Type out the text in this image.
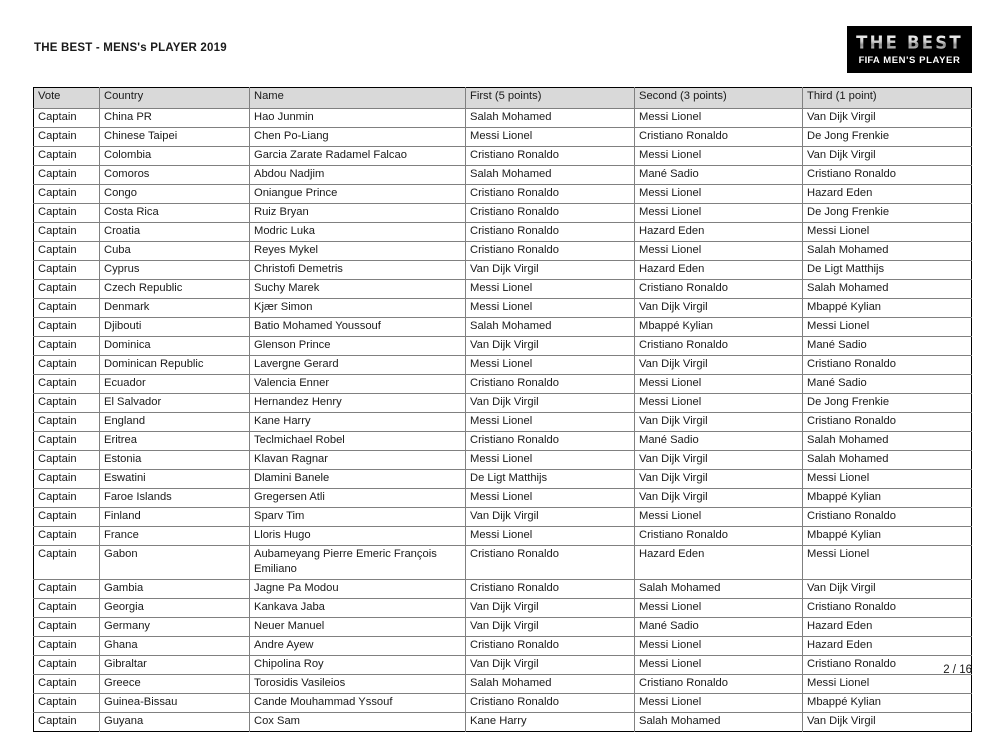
THE BEST - MENS's PLAYER 2019	THE BEST
FIFA MEN'S PLAYER
Vote	Country	Name	First (5 points)	Second (3 points)	Third (1 point)
Captain	China PR	Hao Junmin	Salah Mohamed	Messi Lionel	Van Dijk Virgil
Captain	Chinese Taipei	Chen Po-Liang	Messi Lionel	Cristiano Ronaldo	De Jong Frenkie
Captain	Colombia	Garcia Zarate Radamel Falcao	Cristiano Ronaldo	Messi Lionel	Van Dijk Virgil
Captain	Comoros	Abdou Nadjim	Salah Mohamed	Mané Sadio	Cristiano Ronaldo
Captain	Congo	Oniangue Prince	Cristiano Ronaldo	Messi Lionel	Hazard Eden
Captain	Costa Rica	Ruiz Bryan	Cristiano Ronaldo	Messi Lionel	De Jong Frenkie
Captain	Croatia	Modric Luka	Cristiano Ronaldo	Hazard Eden	Messi Lionel
Captain	Cuba	Reyes Mykel	Cristiano Ronaldo	Messi Lionel	Salah Mohamed
Captain	Cyprus	Christofi Demetris	Van Dijk Virgil	Hazard Eden	De Ligt Matthijs
Captain	Czech Republic	Suchy Marek	Messi Lionel	Cristiano Ronaldo	Salah Mohamed
Captain	Denmark	Kjær Simon	Messi Lionel	Van Dijk Virgil	Mbappé Kylian
Captain	Djibouti	Batio Mohamed Youssouf	Salah Mohamed	Mbappé Kylian	Messi Lionel
Captain	Dominica	Glenson Prince	Van Dijk Virgil	Cristiano Ronaldo	Mané Sadio
Captain	Dominican Republic	Lavergne Gerard	Messi Lionel	Van Dijk Virgil	Cristiano Ronaldo
Captain	Ecuador	Valencia Enner	Cristiano Ronaldo	Messi Lionel	Mané Sadio
Captain	El Salvador	Hernandez Henry	Van Dijk Virgil	Messi Lionel	De Jong Frenkie
Captain	England	Kane Harry	Messi Lionel	Van Dijk Virgil	Cristiano Ronaldo
Captain	Eritrea	Teclmichael Robel	Cristiano Ronaldo	Mané Sadio	Salah Mohamed
Captain	Estonia	Klavan Ragnar	Messi Lionel	Van Dijk Virgil	Salah Mohamed
Captain	Eswatini	Dlamini Banele	De Ligt Matthijs	Van Dijk Virgil	Messi Lionel
Captain	Faroe Islands	Gregersen Atli	Messi Lionel	Van Dijk Virgil	Mbappé Kylian
Captain	Finland	Sparv Tim	Van Dijk Virgil	Messi Lionel	Cristiano Ronaldo
Captain	France	Lloris Hugo	Messi Lionel	Cristiano Ronaldo	Mbappé Kylian
Captain	Gabon	Aubameyang Pierre Emeric François Emiliano	Cristiano Ronaldo	Hazard Eden	Messi Lionel
Captain	Gambia	Jagne Pa Modou	Cristiano Ronaldo	Salah Mohamed	Van Dijk Virgil
Captain	Georgia	Kankava Jaba	Van Dijk Virgil	Messi Lionel	Cristiano Ronaldo
Captain	Germany	Neuer Manuel	Van Dijk Virgil	Mané Sadio	Hazard Eden
Captain	Ghana	Andre Ayew	Cristiano Ronaldo	Messi Lionel	Hazard Eden
Captain	Gibraltar	Chipolina Roy	Van Dijk Virgil	Messi Lionel	Cristiano Ronaldo
Captain	Greece	Torosidis Vasileios	Salah Mohamed	Cristiano Ronaldo	Messi Lionel
Captain	Guinea-Bissau	Cande Mouhammad Yssouf	Cristiano Ronaldo	Messi Lionel	Mbappé Kylian
Captain	Guyana	Cox Sam	Kane Harry	Salah Mohamed	Van Dijk Virgil
2 / 16
